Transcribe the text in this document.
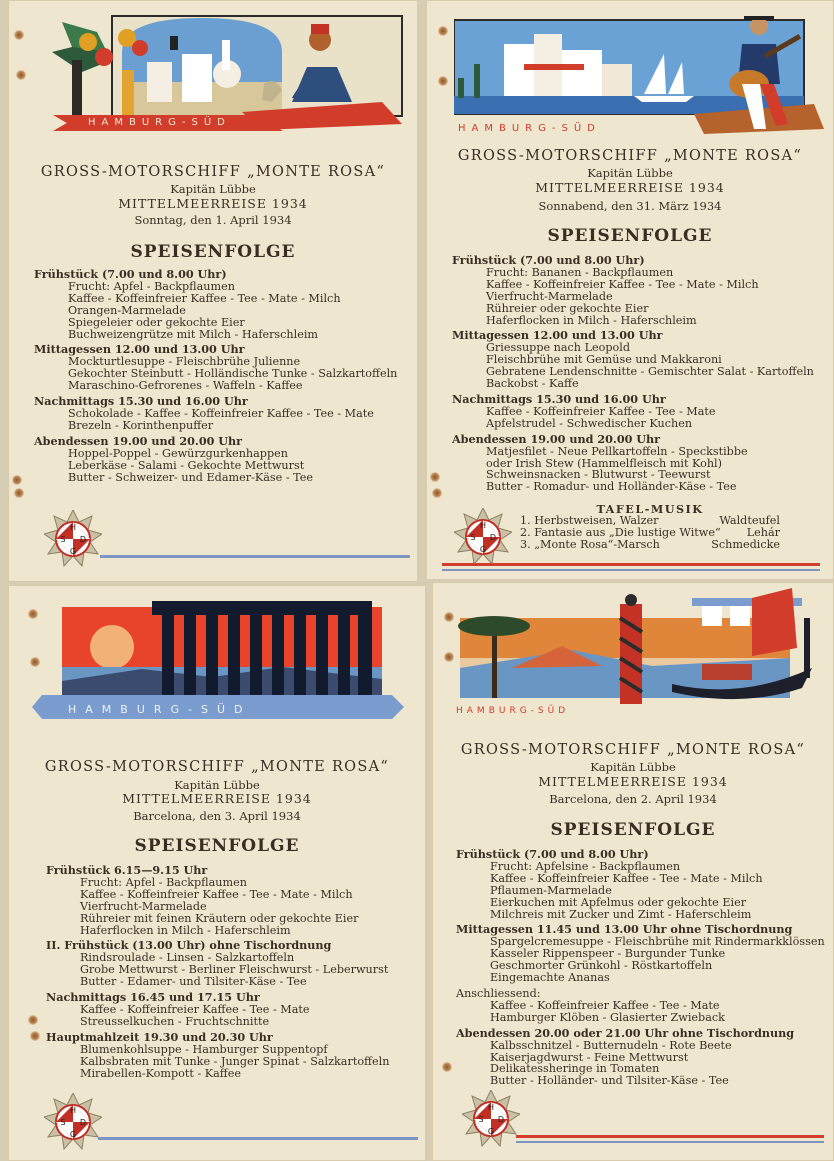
HAMBURG-SÜD
GROSS-MOTORSCHIFF „MONTE ROSA“
Kapitän Lübbe
MITTELMEERREISE 1934
Sonntag, den 1. April 1934
SPEISENFOLGE
Frühstück (7.00 und 8.00 Uhr)
Frucht: Apfel - Backpflaumen
Kaffee - Koffeinfreier Kaffee - Tee - Mate - Milch
Orangen-Marmelade
Spiegeleier oder gekochte Eier
Buchweizengrütze mit Milch - Haferschleim
Mittagessen 12.00 und 13.00 Uhr
Mockturtlesuppe - Fleischbrühe Julienne
Gekochter Steinbutt - Holländische Tunke - Salzkartoffeln
Maraschino-Gefrorenes - Waffeln - Kaffee
Nachmittags 15.30 und 16.00 Uhr
Schokolade - Kaffee - Koffeinfreier Kaffee - Tee - Mate
Brezeln - Korinthenpuffer
Abendessen 19.00 und 20.00 Uhr
Hoppel-Poppel - Gewürzgurkenhappen
Leberkäse - Salami - Gekochte Mettwurst
Butter - Schweizer- und Edamer-Käse - Tee
H
S D
G
HAMBURG-SÜD
GROSS-MOTORSCHIFF „MONTE ROSA“
Kapitän Lübbe
MITTELMEERREISE 1934
Sonnabend, den 31. März 1934
SPEISENFOLGE
Frühstück (7.00 und 8.00 Uhr)
Frucht: Bananen - Backpflaumen
Kaffee - Koffeinfreier Kaffee - Tee - Mate - Milch
Vierfrucht-Marmelade
Rühreier oder gekochte Eier
Haferflocken in Milch - Haferschleim
Mittagessen 12.00 und 13.00 Uhr
Griessuppe nach Leopold
Fleischbrühe mit Gemüse und Makkaroni
Gebratene Lendenschnitte - Gemischter Salat - Kartoffeln
Backobst - Kaffe
Nachmittags 15.30 und 16.00 Uhr
Kaffee - Koffeinfreier Kaffee - Tee - Mate
Apfelstrudel - Schwedischer Kuchen
Abendessen 19.00 und 20.00 Uhr
Matjesfilet - Neue Pellkartoffeln - Speckstibbe
oder Irish Stew (Hammelfleisch mit Kohl)
Schweinsnacken - Blutwurst - Teewurst
Butter - Romadur- und Holländer-Käse - Tee
TAFEL-MUSIK
1. Herbstweisen, Walzer	Waldteufel
2. Fantasie aus „Die lustige Witwe“ Lehár
3. „Monte Rosa“-Marsch	Schmedicke
H
S D
G
HAMBURG-SÜD
GROSS-MOTORSCHIFF „MONTE ROSA“
Kapitän Lübbe
MITTELMEERREISE 1934
Barcelona, den 3. April 1934
SPEISENFOLGE
Frühstück 6.15—9.15 Uhr
Frucht: Apfel - Backpflaumen
Kaffee - Koffeinfreier Kaffee - Tee - Mate - Milch
Vierfrucht-Marmelade
Rühreier mit feinen Kräutern oder gekochte Eier
Haferflocken in Milch - Haferschleim
II. Frühstück (13.00 Uhr) ohne Tischordnung
Rindsroulade - Linsen - Salzkartoffeln
Grobe Mettwurst - Berliner Fleischwurst - Leberwurst
Butter - Edamer- und Tilsiter-Käse - Tee
Nachmittags 16.45 und 17.15 Uhr
Kaffee - Koffeinfreier Kaffee - Tee - Mate
Streusselkuchen - Fruchtschnitte
Hauptmahlzeit 19.30 und 20.30 Uhr
Blumenkohlsuppe - Hamburger Suppentopf
Kalbsbraten mit Tunke - Junger Spinat - Salzkartoffeln
Mirabellen-Kompott - Kaffee
H
S D
G
HAMBURG-SÜD
GROSS-MOTORSCHIFF „MONTE ROSA“
Kapitän Lübbe
MITTELMEERREISE 1934
Barcelona, den 2. April 1934
SPEISENFOLGE
Frühstück (7.00 und 8.00 Uhr)
Frucht: Apfelsine - Backpflaumen
Kaffee - Koffeinfreier Kaffee - Tee - Mate - Milch
Pflaumen-Marmelade
Eierkuchen mit Apfelmus oder gekochte Eier
Milchreis mit Zucker und Zimt - Haferschleim
Mittagessen 11.45 und 13.00 Uhr ohne Tischordnung
Spargelcremesuppe - Fleischbrühe mit Rindermarkklössen
Kasseler Rippenspeer - Burgunder Tunke
Geschmorter Grünkohl - Röstkartoffeln
Eingemachte Ananas
Anschliessend:
Kaffee - Koffeinfreier Kaffee - Tee - Mate
Hamburger Klöben - Glasierter Zwieback
Abendessen 20.00 oder 21.00 Uhr ohne Tischordnung
Kalbsschnitzel - Butternudeln - Rote Beete
Kaiserjagdwurst - Feine Mettwurst
Delikatessheringe in Tomaten
Butter - Holländer- und Tilsiter-Käse - Tee
H
S D
G
